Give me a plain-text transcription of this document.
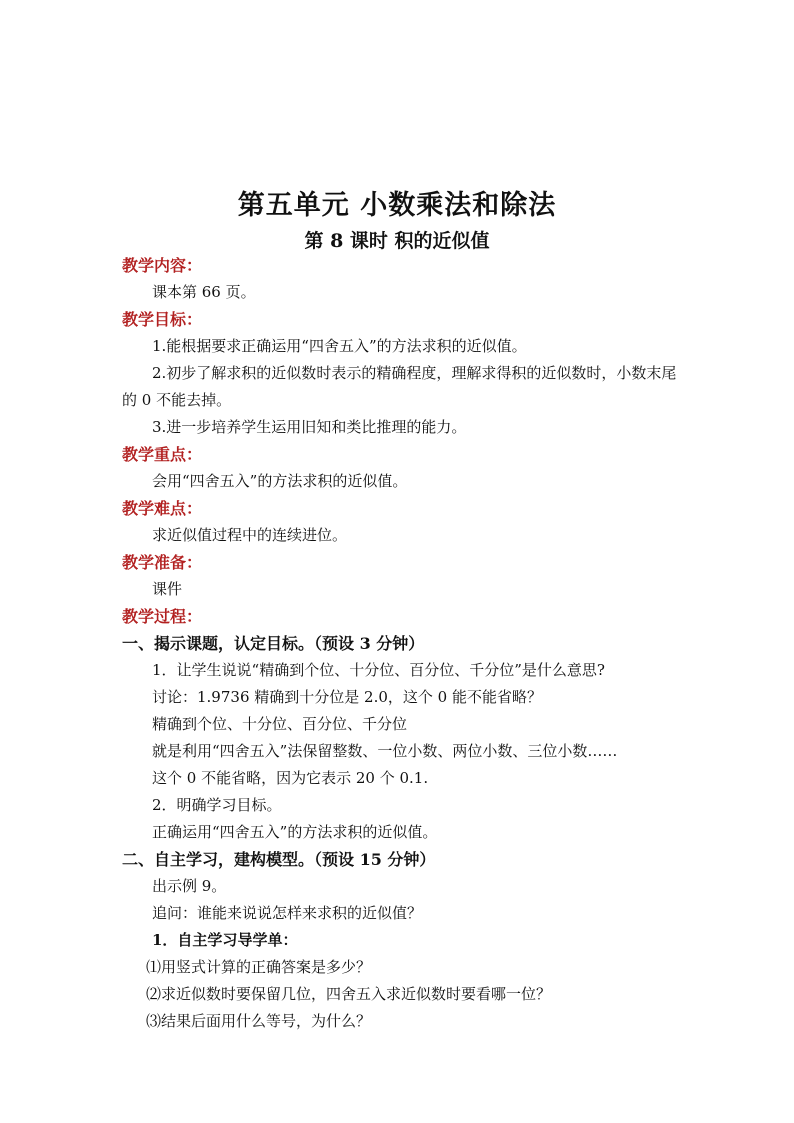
第五单元 小数乘法和除法
第 8 课时 积的近似值
教学内容：
课本第 66 页。
教学目标：
1.能根据要求正确运用“四舍五入”的方法求积的近似值。
2.初步了解求积的近似数时表示的精确程度，理解求得积的近似数时，小数末尾的 0 不能去掉。
3.进一步培养学生运用旧知和类比推理的能力。
教学重点：
会用“四舍五入”的方法求积的近似值。
教学难点：
求近似值过程中的连续进位。
教学准备：
课件
教学过程：
一、揭示课题，认定目标。（预设 3 分钟）
1．让学生说说“精确到个位、十分位、百分位、千分位”是什么意思?
讨论：1.9736 精确到十分位是 2.0，这个 0 能不能省略？
精确到个位、十分位、百分位、千分位
就是利用“四舍五入”法保留整数、一位小数、两位小数、三位小数……
这个 0 不能省略，因为它表示 20 个 0.1.
2．明确学习目标。
正确运用“四舍五入”的方法求积的近似值。
二、自主学习，建构模型。（预设 15 分钟）
出示例 9。
追问：谁能来说说怎样来求积的近似值？
1．自主学习导学单：
⑴用竖式计算的正确答案是多少？
⑵求近似数时要保留几位，四舍五入求近似数时要看哪一位？
⑶结果后面用什么等号，为什么？
